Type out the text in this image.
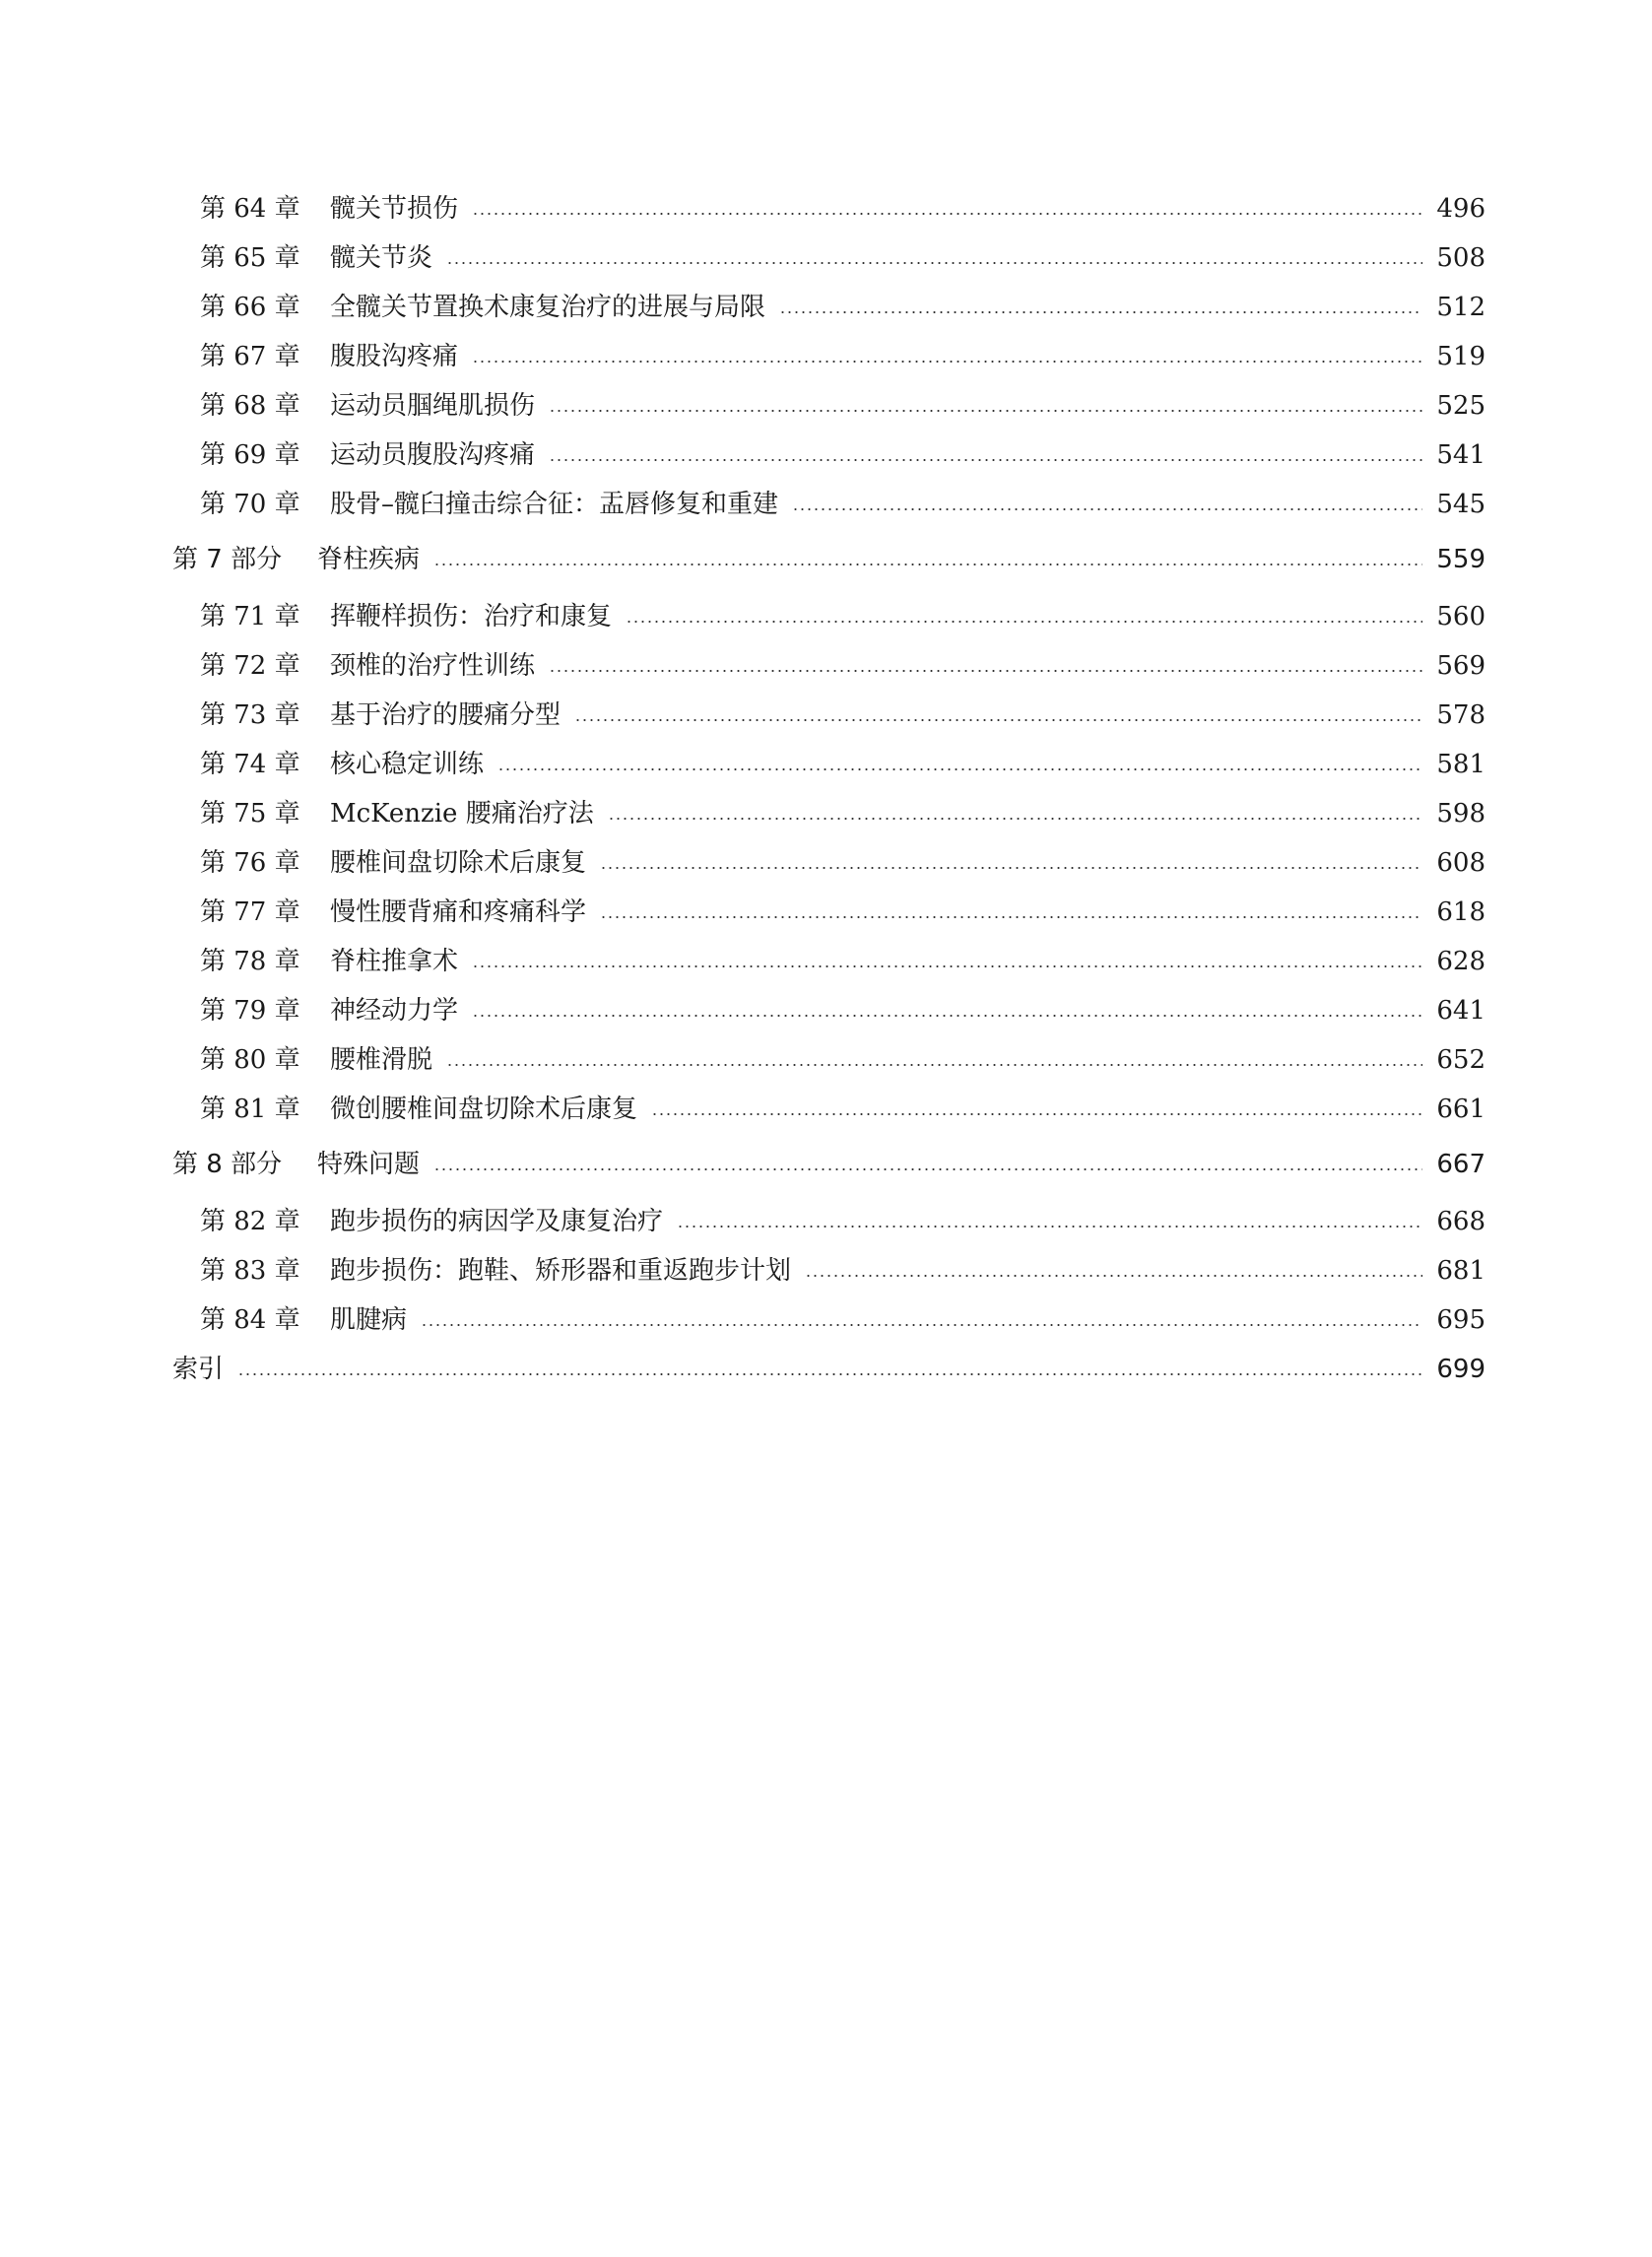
第 64 章	髋关节损伤	496
第 65 章	髋关节炎	508
第 66 章	全髋关节置换术康复治疗的进展与局限	512
第 67 章	腹股沟疼痛	519
第 68 章	运动员腘绳肌损伤	525
第 69 章	运动员腹股沟疼痛	541
第 70 章	股骨–髋臼撞击综合征：盂唇修复和重建	545
第 7 部分	脊柱疾病	559
第 71 章	挥鞭样损伤：治疗和康复	560
第 72 章	颈椎的治疗性训练	569
第 73 章	基于治疗的腰痛分型	578
第 74 章	核心稳定训练	581
第 75 章	McKenzie 腰痛治疗法	598
第 76 章	腰椎间盘切除术后康复	608
第 77 章	慢性腰背痛和疼痛科学	618
第 78 章	脊柱推拿术	628
第 79 章	神经动力学	641
第 80 章	腰椎滑脱	652
第 81 章	微创腰椎间盘切除术后康复	661
第 8 部分	特殊问题	667
第 82 章	跑步损伤的病因学及康复治疗	668
第 83 章	跑步损伤：跑鞋、矫形器和重返跑步计划	681
第 84 章	肌腱病	695
索引	699
